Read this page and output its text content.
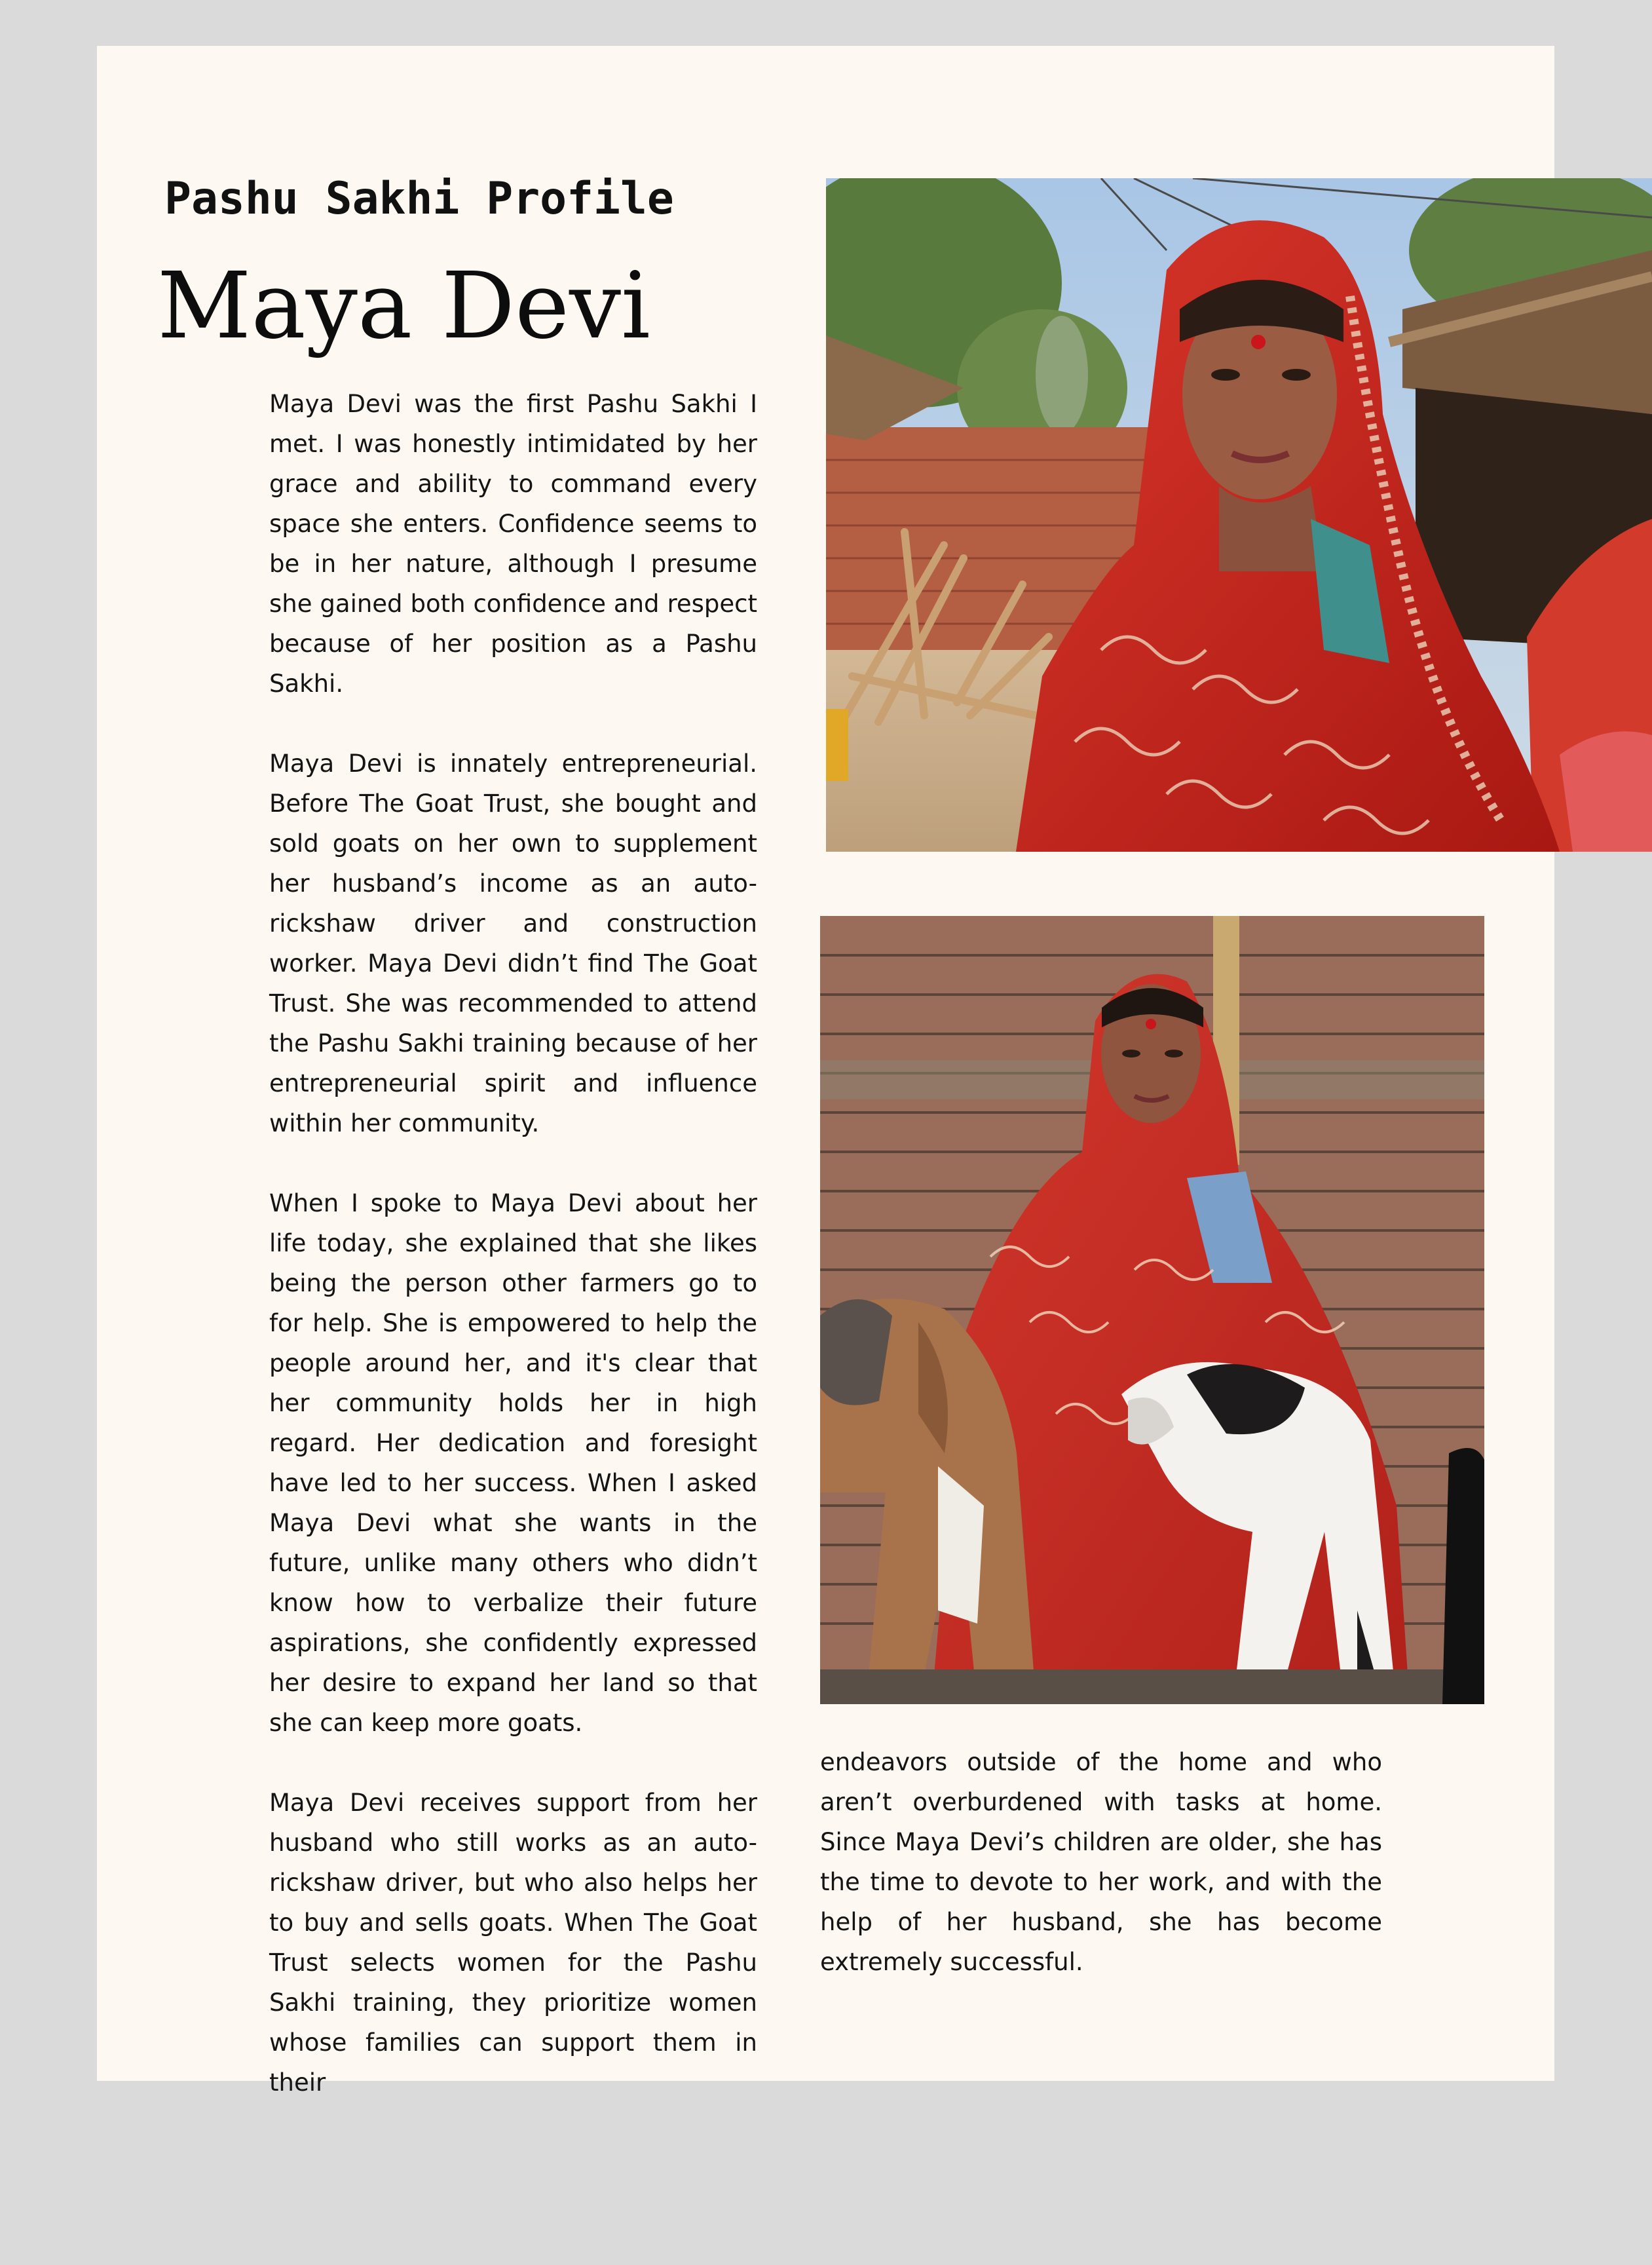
Pashu Sakhi Profile
Maya Devi

Maya Devi was the first Pashu Sakhi I met. I was honestly intimidated by her grace and ability to command every space she enters. Confidence seems to be in her nature, although I presume she gained both confidence and respect because of her position as a Pashu Sakhi.

Maya Devi is innately entrepreneurial. Before The Goat Trust, she bought and sold goats on her own to supplement her husband’s income as an auto-rickshaw driver and construction worker. Maya Devi didn’t find The Goat Trust. She was recommended to attend the Pashu Sakhi training because of her entrepreneurial spirit and influence within her community.

When I spoke to Maya Devi about her life today, she explained that she likes being the person other farmers go to for help. She is empowered to help the people around her, and it's clear that her community holds her in high regard. Her dedication and foresight have led to her success. When I asked Maya Devi what she wants in the future, unlike many others who didn’t know how to verbalize their future aspirations, she confidently expressed her desire to expand her land so that she can keep more goats.

Maya Devi receives support from her husband who still works as an auto-rickshaw driver, but who also helps her to buy and sells goats. When The Goat Trust selects women for the Pashu Sakhi training, they prioritize women whose families can support them in their

endeavors outside of the home and who aren’t overburdened with tasks at home. Since Maya Devi’s children are older, she has the time to devote to her work, and with the help of her husband, she has become extremely successful.
